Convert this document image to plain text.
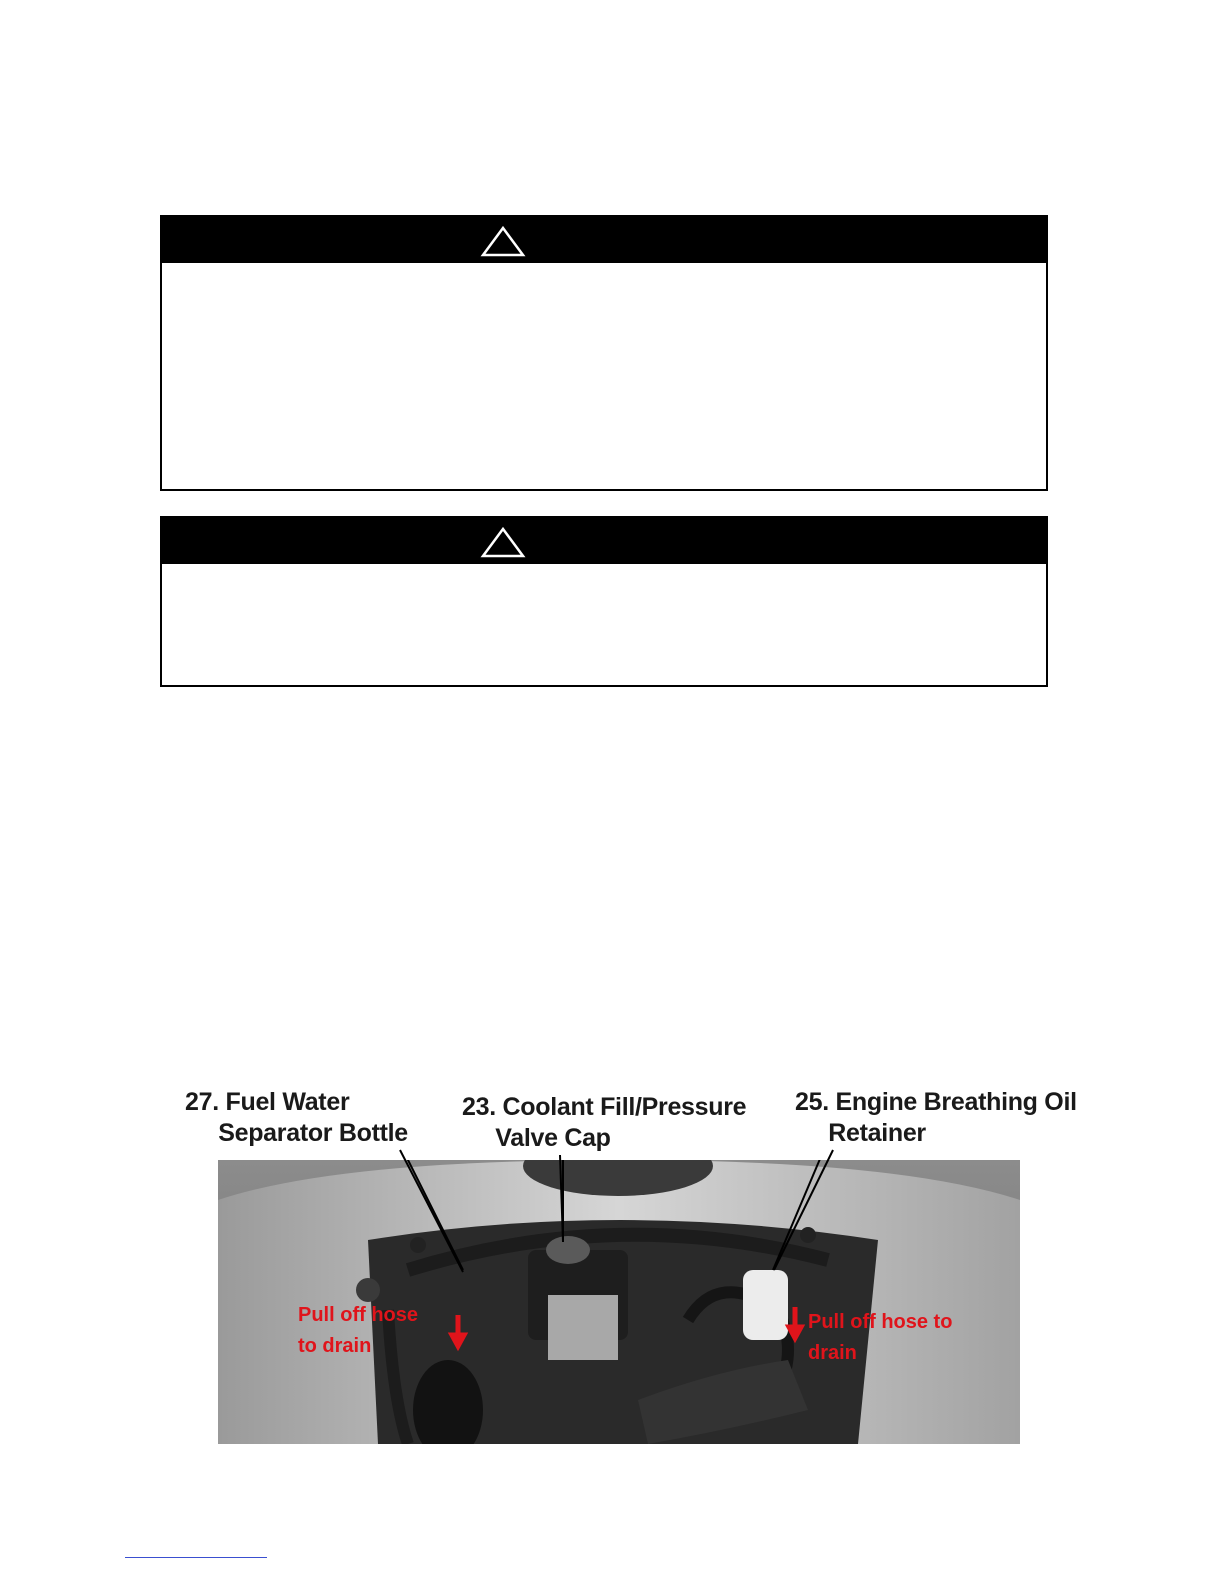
27. Fuel Water
Separator Bottle
23. Coolant Fill/Pressure
Valve Cap
25. Engine Breathing Oil
Retainer
Pull off hose
to drain
Pull off hose to
drain
